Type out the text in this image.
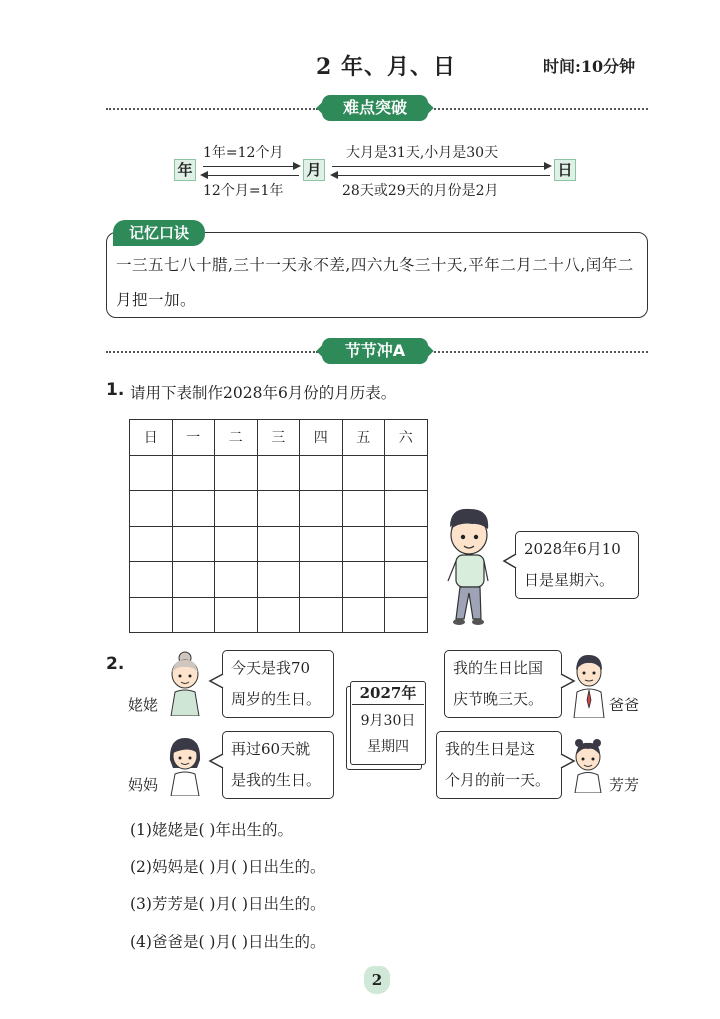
2 年、月、日	时间:10分钟
难点突破
年
1年=12个月
12个月=1年
月
大月是31天,小月是30天
28天或29天的月份是2月
日
记忆口诀
一三五七八十腊,三十一天永不差,四六九冬三十天,平年二月二十八,闰年二月把一加。
节节冲A
1. 请用下表制作2028年6月份的月历表。
日	一	二	三	四	五	六

2028年6月10

日是星期六。

2.
姥姥

今天是我70

周岁的生日。

妈妈

再过60天就

是我的生日。

2027年
9月30日
星期四

我的生日比国

庆节晚三天。	爸爸

我的生日是这

个月的前一天。	芳芳
(1)姥姥是( )年出生的。
(2)妈妈是( )月( )日出生的。
(3)芳芳是( )月( )日出生的。
(4)爸爸是( )月( )日出生的。
2
